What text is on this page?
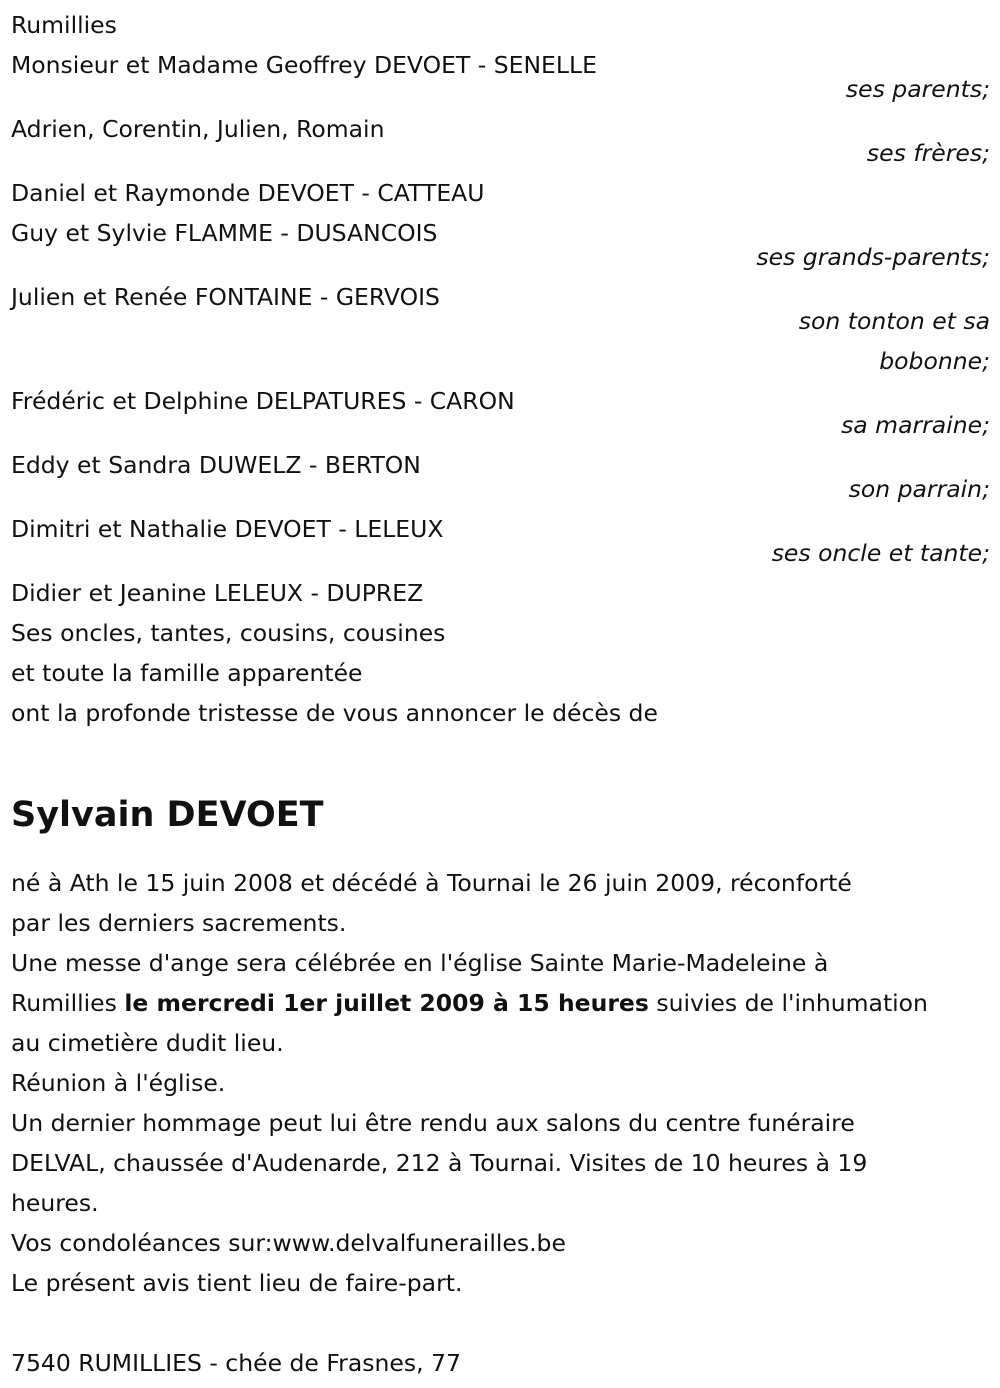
Rumillies
Monsieur et Madame Geoffrey DEVOET - SENELLE
ses parents;
Adrien, Corentin, Julien, Romain
ses frères;
Daniel et Raymonde DEVOET - CATTEAU
Guy et Sylvie FLAMME - DUSANCOIS
ses grands-parents;
Julien et Renée FONTAINE - GERVOIS
son tonton et sa
bobonne;
Frédéric et Delphine DELPATURES - CARON
sa marraine;
Eddy et Sandra DUWELZ - BERTON
son parrain;
Dimitri et Nathalie DEVOET - LELEUX
ses oncle et tante;
Didier et Jeanine LELEUX - DUPREZ
Ses oncles, tantes, cousins, cousines
et toute la famille apparentée
ont la profonde tristesse de vous annoncer le décès de
Sylvain DEVOET
né à Ath le 15 juin 2008 et décédé à Tournai le 26 juin 2009, réconforté
par les derniers sacrements.
Une messe d'ange sera célébrée en l'église Sainte Marie-Madeleine à
Rumillies le mercredi 1er juillet 2009 à 15 heures suivies de l'inhumation
au cimetière dudit lieu.
Réunion à l'église.
Un dernier hommage peut lui être rendu aux salons du centre funéraire
DELVAL, chaussée d'Audenarde, 212 à Tournai. Visites de 10 heures à 19
heures.
Vos condoléances sur:www.delvalfunerailles.be
Le présent avis tient lieu de faire-part.
7540 RUMILLIES - chée de Frasnes, 77
